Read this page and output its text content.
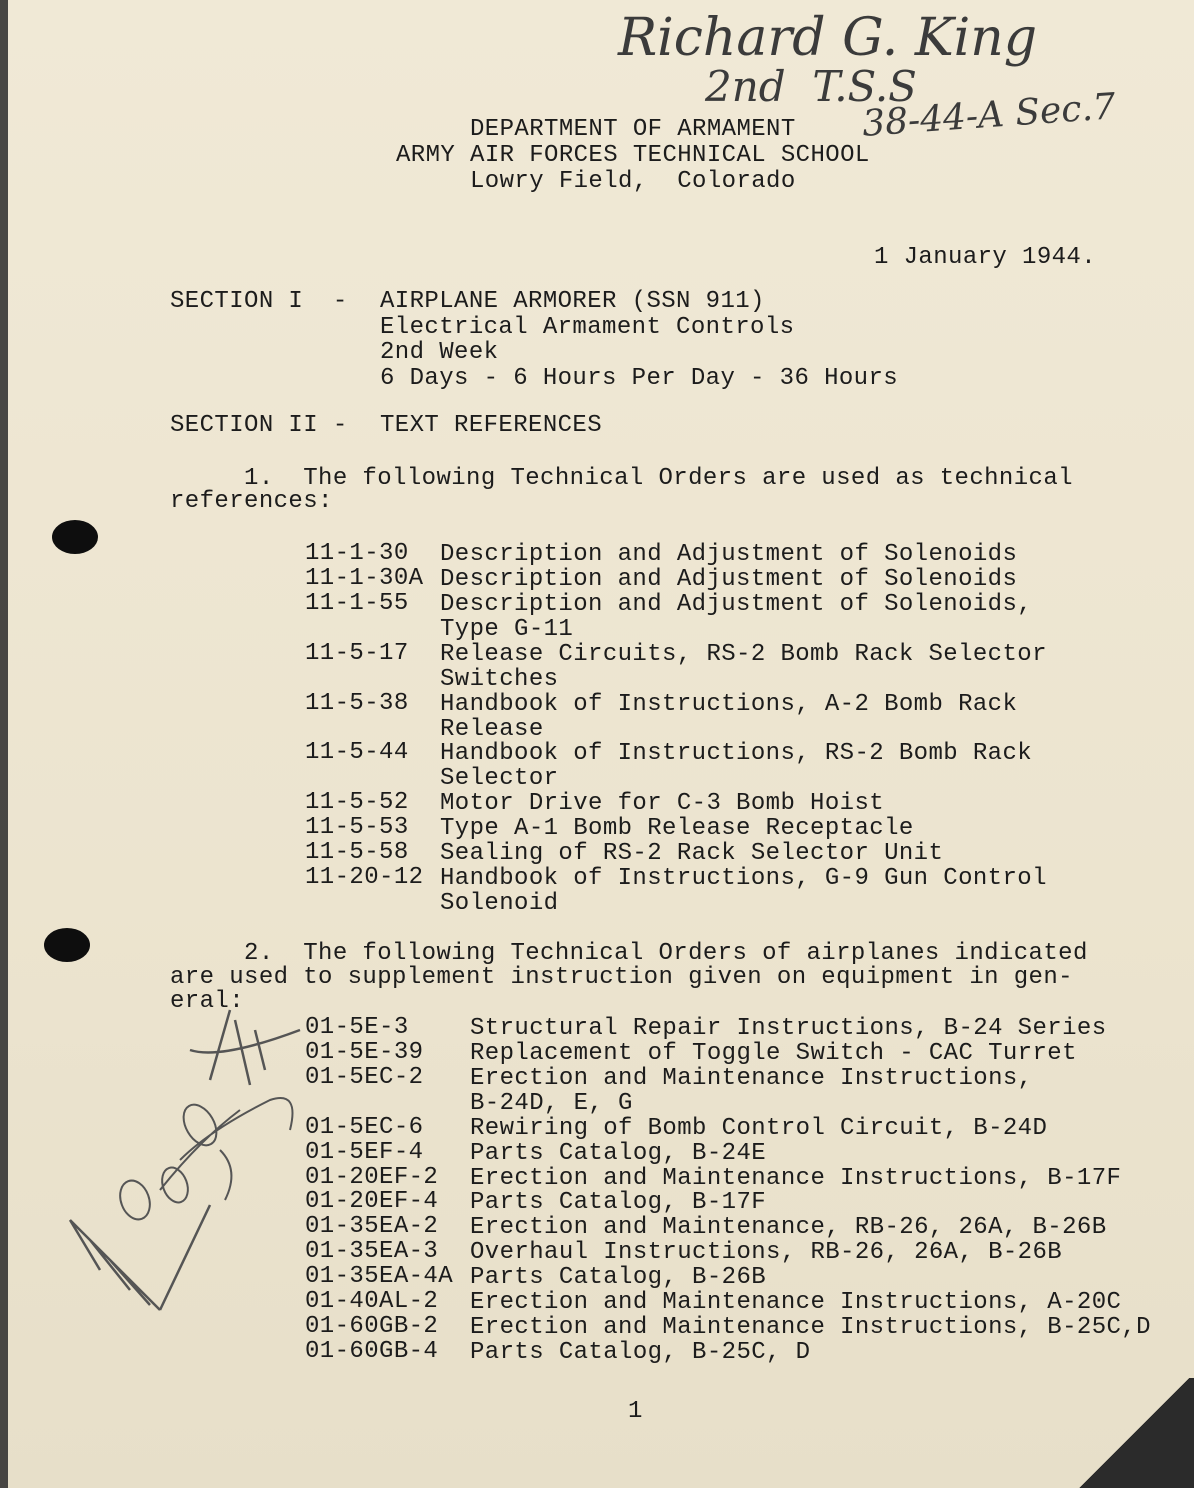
Richard G. King
2nd  T.S.S
38-44-A Sec.7
DEPARTMENT OF ARMAMENT
ARMY AIR FORCES TECHNICAL SCHOOL
Lowry Field,  Colorado
1 January 1944.
SECTION I  - AIRPLANE ARMORER (SSN 911)
Electrical Armament Controls
2nd Week
6 Days - 6 Hours Per Day - 36 Hours
SECTION II - TEXT REFERENCES
1.  The following Technical Orders are used as technical
references:
11-1-30 Description and Adjustment of Solenoids
11-1-30A Description and Adjustment of Solenoids
11-1-55 Description and Adjustment of Solenoids,
Type G-11
11-5-17 Release Circuits, RS-2 Bomb Rack Selector
Switches
11-5-38 Handbook of Instructions, A-2 Bomb Rack
Release
11-5-44 Handbook of Instructions, RS-2 Bomb Rack
Selector
11-5-52 Motor Drive for C-3 Bomb Hoist
11-5-53 Type A-1 Bomb Release Receptacle
11-5-58 Sealing of RS-2 Rack Selector Unit
11-20-12 Handbook of Instructions, G-9 Gun Control
Solenoid
2.  The following Technical Orders of airplanes indicated
are used to supplement instruction given on equipment in gen-
eral:
01-5E-3	Structural Repair Instructions, B-24 Series
01-5E-39 Replacement of Toggle Switch - CAC Turret
01-5EC-2 Erection and Maintenance Instructions,
B-24D, E, G
01-5EC-6 Rewiring of Bomb Control Circuit, B-24D
01-5EF-4 Parts Catalog, B-24E
01-20EF-2 Erection and Maintenance Instructions, B-17F
01-20EF-4 Parts Catalog, B-17F
01-35EA-2 Erection and Maintenance, RB-26, 26A, B-26B
01-35EA-3 Overhaul Instructions, RB-26, 26A, B-26B
01-35EA-4A Parts Catalog, B-26B
01-40AL-2 Erection and Maintenance Instructions, A-20C
01-60GB-2 Erection and Maintenance Instructions, B-25C,D
01-60GB-4 Parts Catalog, B-25C, D
1
